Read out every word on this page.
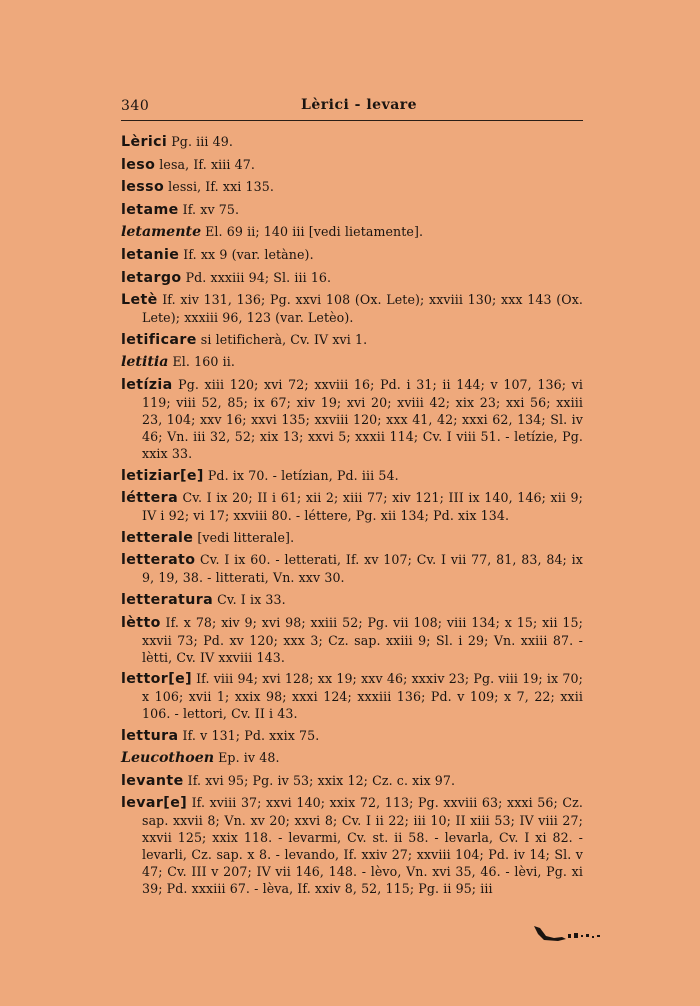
340	Lèrici - levare
Lèrici Pg. iii 49.
leso lesa, If. xiii 47.
lesso lessi, If. xxi 135.
letame If. xv 75.
letamente El. 69 ii; 140 iii [vedi lietamente].
letanie If. xx 9 (var. letàne).
letargo Pd. xxxiii 94; Sl. iii 16.
Letè If. xiv 131, 136; Pg. xxvi 108 (Ox. Lete); xxviii 130; xxx 143 (Ox. Lete); xxxiii 96, 123 (var. Letèo).
letificare si letificherà, Cv. IV xvi 1.
letitia El. 160 ii.
letízia Pg. xiii 120; xvi 72; xxviii 16; Pd. i 31; ii 144; v 107, 136; vi 119; viii 52, 85; ix 67; xiv 19; xvi 20; xviii 42; xix 23; xxi 56; xxiii 23, 104; xxv 16; xxvi 135; xxviii 120; xxx 41, 42; xxxi 62, 134; Sl. iv 46; Vn. iii 32, 52; xix 13; xxvi 5; xxxii 114; Cv. I viii 51. - letízie, Pg. xxix 33.
letiziar[e] Pd. ix 70. - letízian, Pd. iii 54.
léttera Cv. I ix 20; II i 61; xii 2; xiii 77; xiv 121; III ix 140, 146; xii 9; IV i 92; vi 17; xxviii 80. - léttere, Pg. xii 134; Pd. xix 134.
letterale [vedi litterale].
letterato Cv. I ix 60. - letterati, If. xv 107; Cv. I vii 77, 81, 83, 84; ix 9, 19, 38. - litterati, Vn. xxv 30.
letteratura Cv. I ix 33.
lètto If. x 78; xiv 9; xvi 98; xxiii 52; Pg. vii 108; viii 134; x 15; xii 15; xxvii 73; Pd. xv 120; xxx 3; Cz. sap. xxiii 9; Sl. i 29; Vn. xxiii 87. - lètti, Cv. IV xxviii 143.
lettor[e] If. viii 94; xvi 128; xx 19; xxv 46; xxxiv 23; Pg. viii 19; ix 70; x 106; xvii 1; xxix 98; xxxi 124; xxxiii 136; Pd. v 109; x 7, 22; xxii 106. - lettori, Cv. II i 43.
lettura If. v 131; Pd. xxix 75.
Leucothoen Ep. iv 48.
levante If. xvi 95; Pg. iv 53; xxix 12; Cz. c. xix 97.
levar[e] If. xviii 37; xxvi 140; xxix 72, 113; Pg. xxviii 63; xxxi 56; Cz. sap. xxvii 8; Vn. xv 20; xxvi 8; Cv. I ii 22; iii 10; II xiii 53; IV viii 27; xxvii 125; xxix 118. - levarmi, Cv. st. ii 58. - levarla, Cv. I xi 82. - levarli, Cz. sap. x 8. - levando, If. xxiv 27; xxviii 104; Pd. iv 14; Sl. v 47; Cv. III v 207; IV vii 146, 148. - lèvo, Vn. xvi 35, 46. - lèvi, Pg. xi 39; Pd. xxxiii 67. - lèva, If. xxiv 8, 52, 115; Pg. ii 95; iii
